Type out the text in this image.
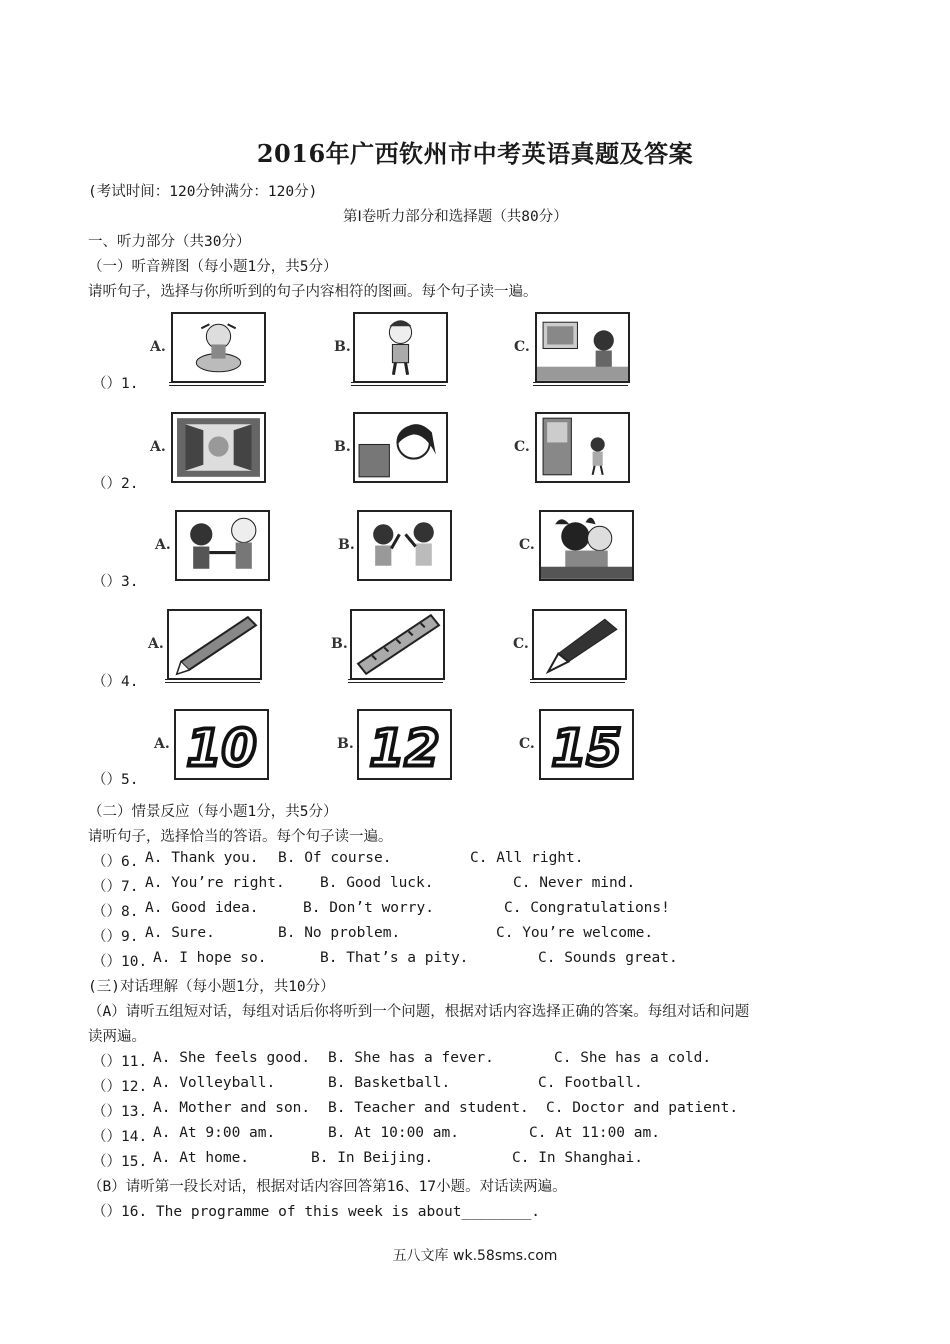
2016年广西钦州市中考英语真题及答案
(考试时间：120分钟满分：120分)
第Ⅰ卷听力部分和选择题（共80分）
一、听力部分（共30分）
（一）听音辨图（每小题1分，共5分）
请听句子，选择与你所听到的句子内容相符的图画。每个句子读一遍。
（）1.
A.	B.	C.
（）2.
A.	B.	C.
（）3.
A.	B.	C.
（）4.
A.	B.	C.
（）5.
A. 10	B. 12	C. 15
（二）情景反应（每小题1分，共5分）
请听句子，选择恰当的答语。每个句子读一遍。
（）6. A. Thank you. B. Of course.	C. All right.
（）7. A. You’re right. B. Good luck.	C. Never mind.
（）8. A. Good idea.	B. Don’t worry.	C. Congratulations!
（）9. A. Sure.	B. No problem.	C. You’re welcome.
（）10. A. I hope so.	B. That’s a pity.	C. Sounds great.
(三)对话理解（每小题1分，共10分）
（A）请听五组短对话，每组对话后你将听到一个问题，根据对话内容选择正确的答案。每组对话和问题
读两遍。
（）11. A. She feels good. B. She has a fever.	C. She has a cold.
（）12. A. Volleyball.	B. Basketball.	C. Football.
（）13. A. Mother and son. B. Teacher and student. C. Doctor and patient.
（）14. A. At 9:00 am.	B. At 10:00 am.	C. At 11:00 am.
（）15. A. At home.	B. In Beijing.	C. In Shanghai.
（B）请听第一段长对话，根据对话内容回答第16、17小题。对话读两遍。
（）16. The programme of this week is about________.
五八文库 wk.58sms.com
